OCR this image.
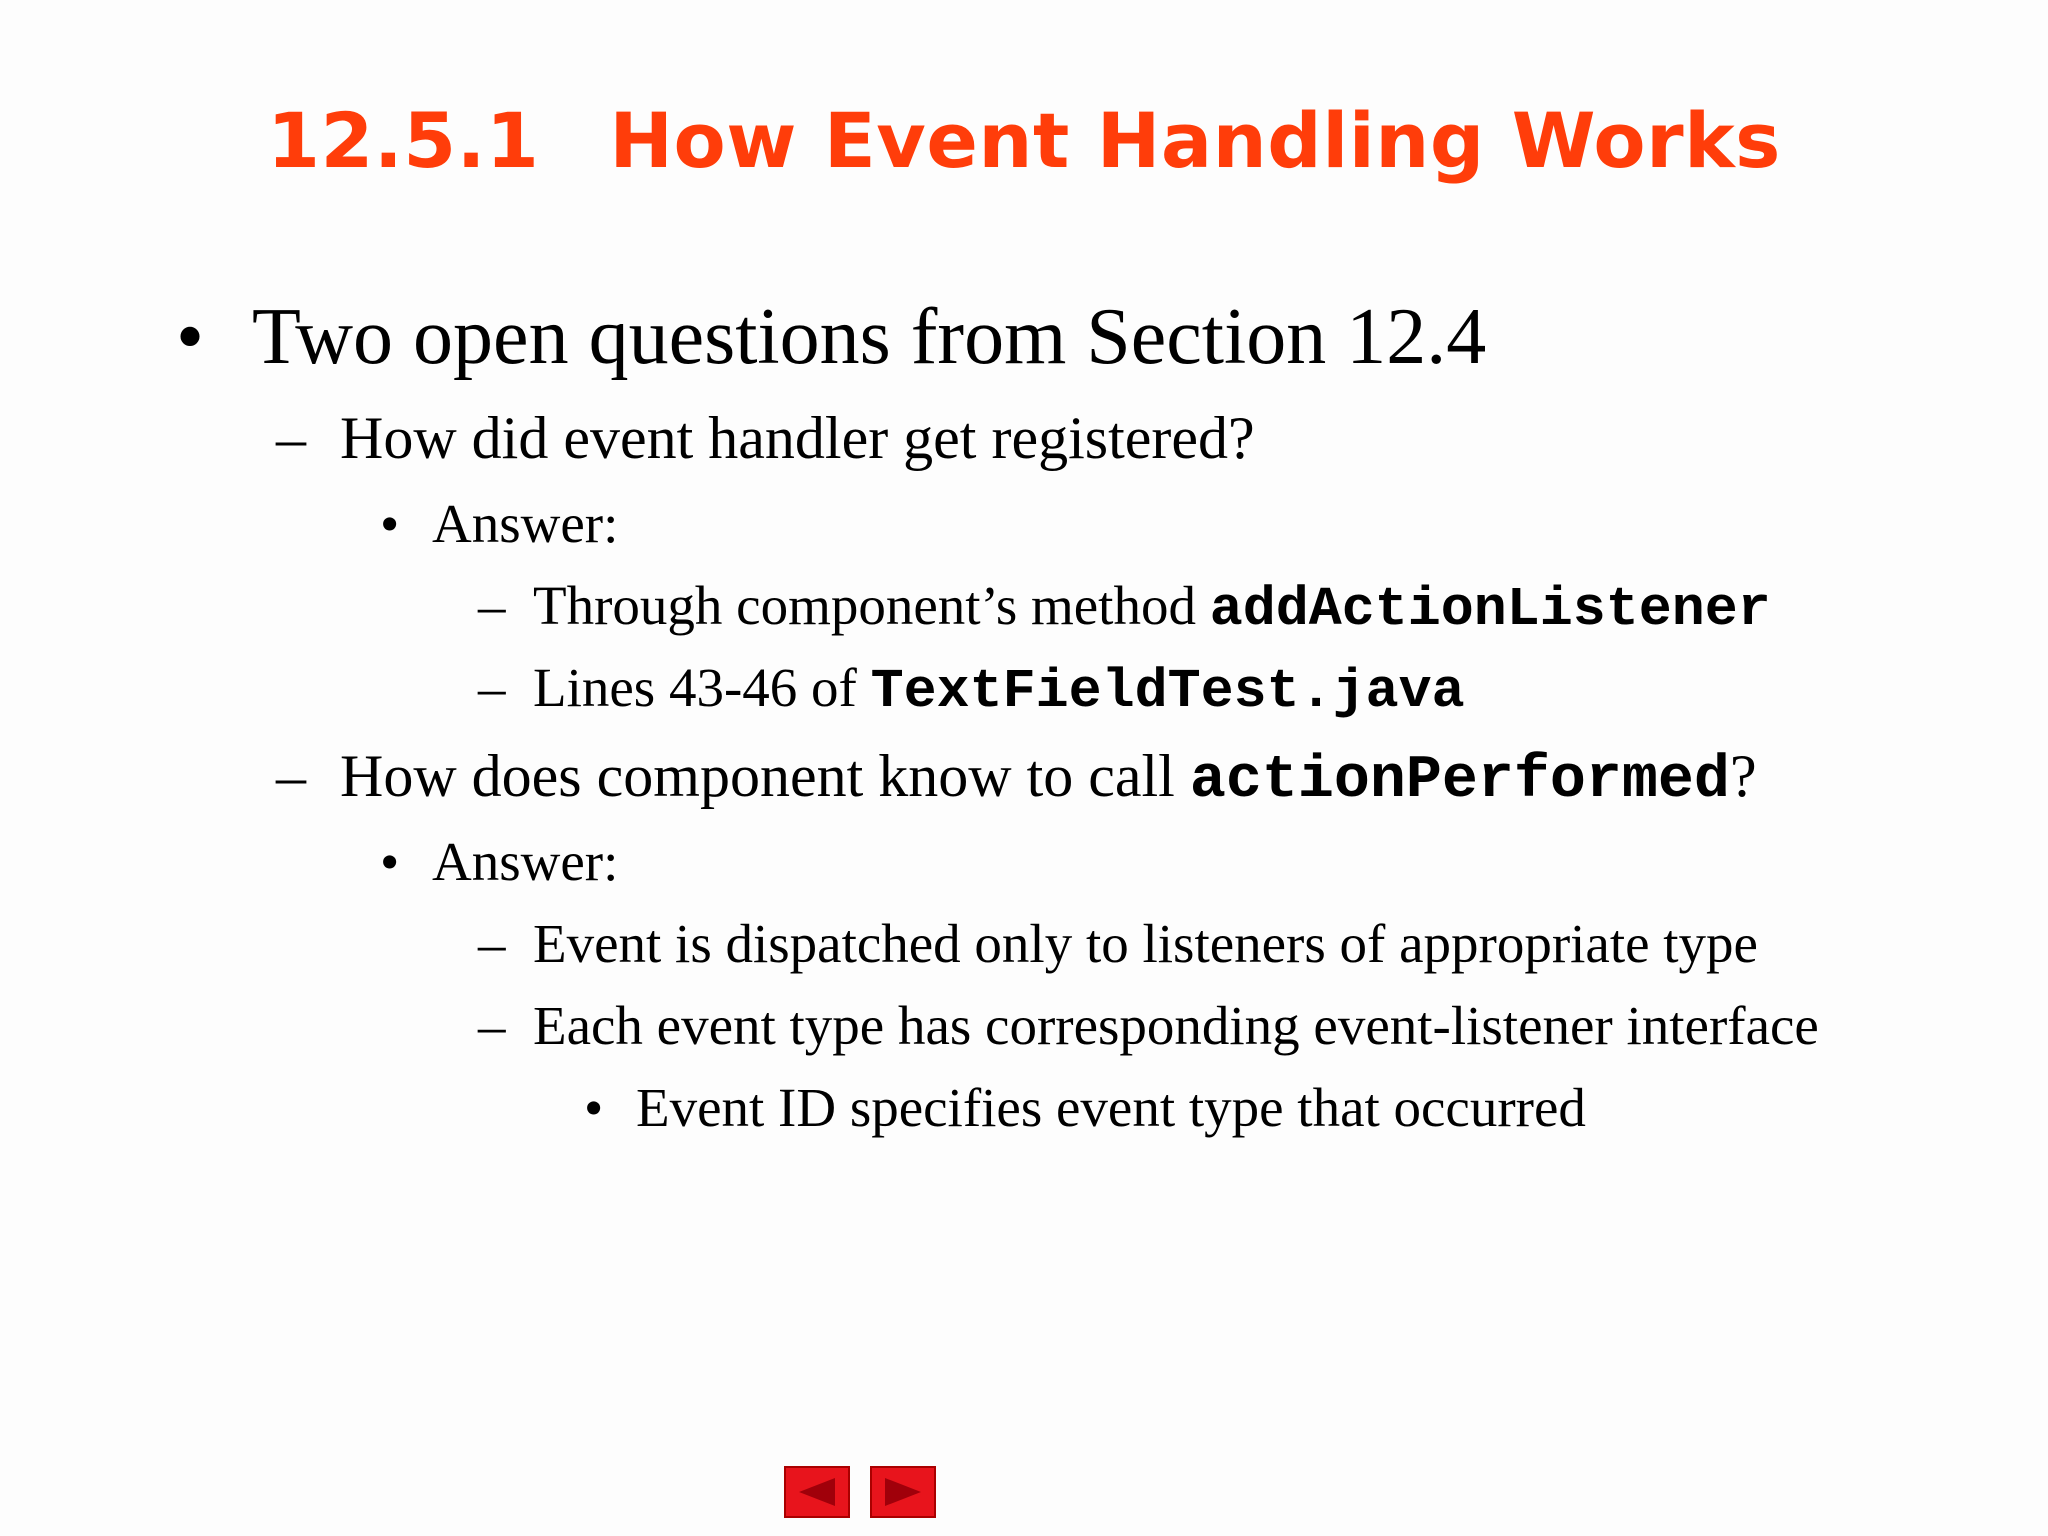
12.5.1 How Event Handling Works
• Two open questions from Section 12.4
– How did event handler get registered?
• Answer:
– Through component’s method addActionListener
– Lines 43-46 of TextFieldTest.java
– How does component know to call actionPerformed?
• Answer:
– Event is dispatched only to listeners of appropriate type
– Each event type has corresponding event-listener interface
• Event ID specifies event type that occurred
